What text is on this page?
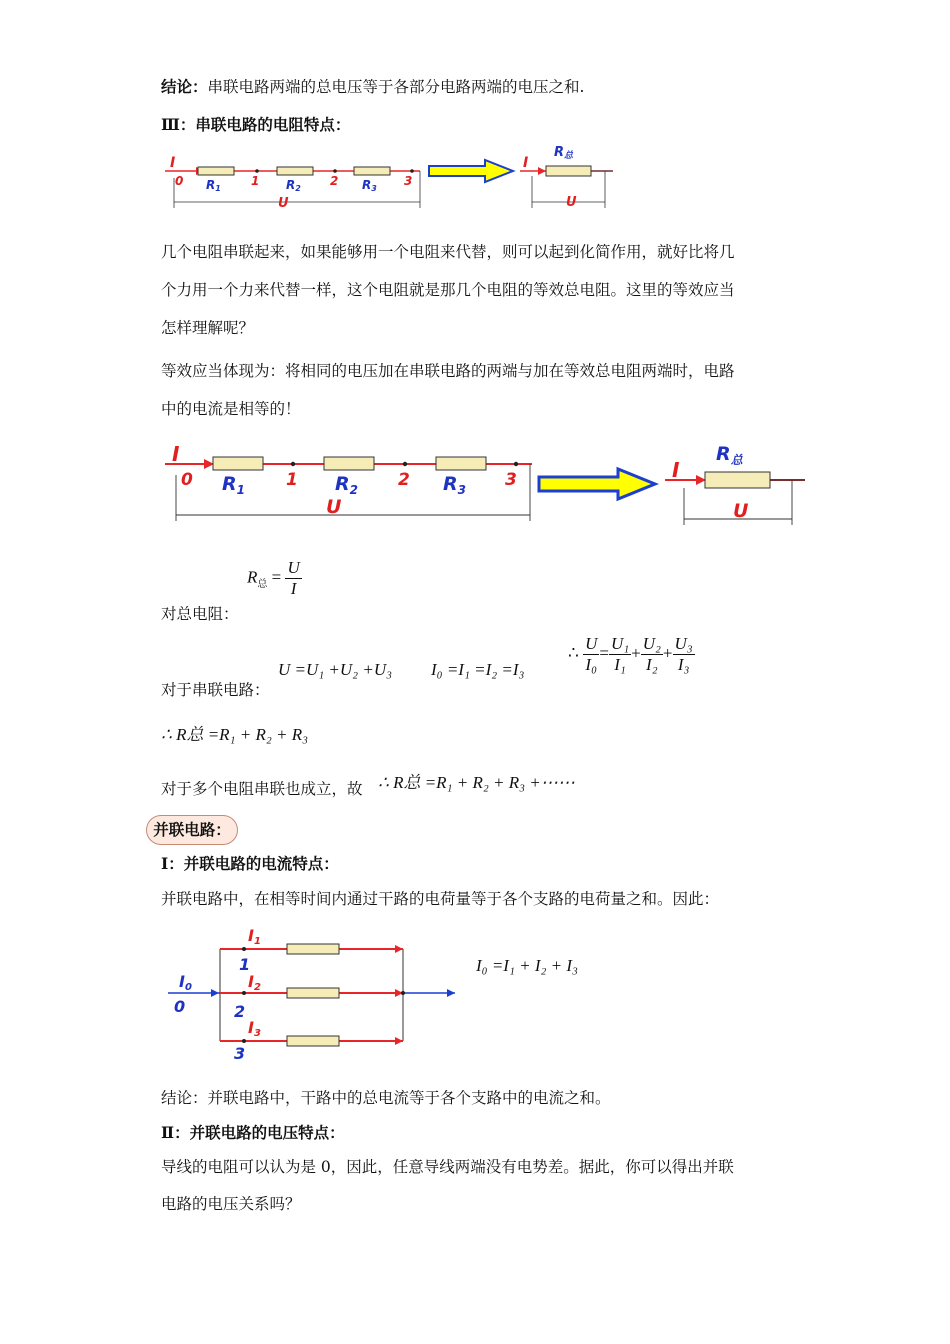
结论：串联电路两端的总电压等于各部分电路两端的电压之和.
Ⅲ：串联电路的电阻特点：
I
0	1	2	3
R1	R2	R3
U
I
R总
U
几个电阻串联起来，如果能够用一个电阻来代替，则可以起到化简作用，就好比将几
个力用一个力来代替一样，这个电阻就是那几个电阻的等效总电阻。这里的等效应当
怎样理解呢？
等效应当体现为：将相同的电压加在串联电路的两端与加在等效总电阻两端时，电路
中的电流是相等的！
I
0	1	2	3
$R_1$	$R_2$	$R_3$
U
I
$R_总$
U
$R_总 = \frac{U}{I}$
对总电阻：
U =U₁ +U₂ +U₃ I₀ =I₁ =I₂ =I₃
∴ $\frac{U}{\text{I₀}} = \frac{\text{U₁}}{\text{I₁}} + \frac{\text{U₂}}{\text{I₂}} + \frac{\text{U₃}}{\text{I₃}}$
对于串联电路：
∴ R总 =R₁ + R₂ + R₃
对于多个电阻串联也成立，故 ∴ R总 =R₁ + R₂ + R₃ +⋯⋯
并联电路：
Ⅰ：并联电路的电流特点：
并联电路中，在相等时间内通过干路的电荷量等于各个支路的电荷量之和。因此：
I0
0
I1
1
I2
2
I3
3
I₀ =I₁ + I₂ + I₃
结论：并联电路中，干路中的总电流等于各个支路中的电流之和。
Ⅱ：并联电路的电压特点：
导线的电阻可以认为是 0，因此，任意导线两端没有电势差。据此，你可以得出并联
电路的电压关系吗？
